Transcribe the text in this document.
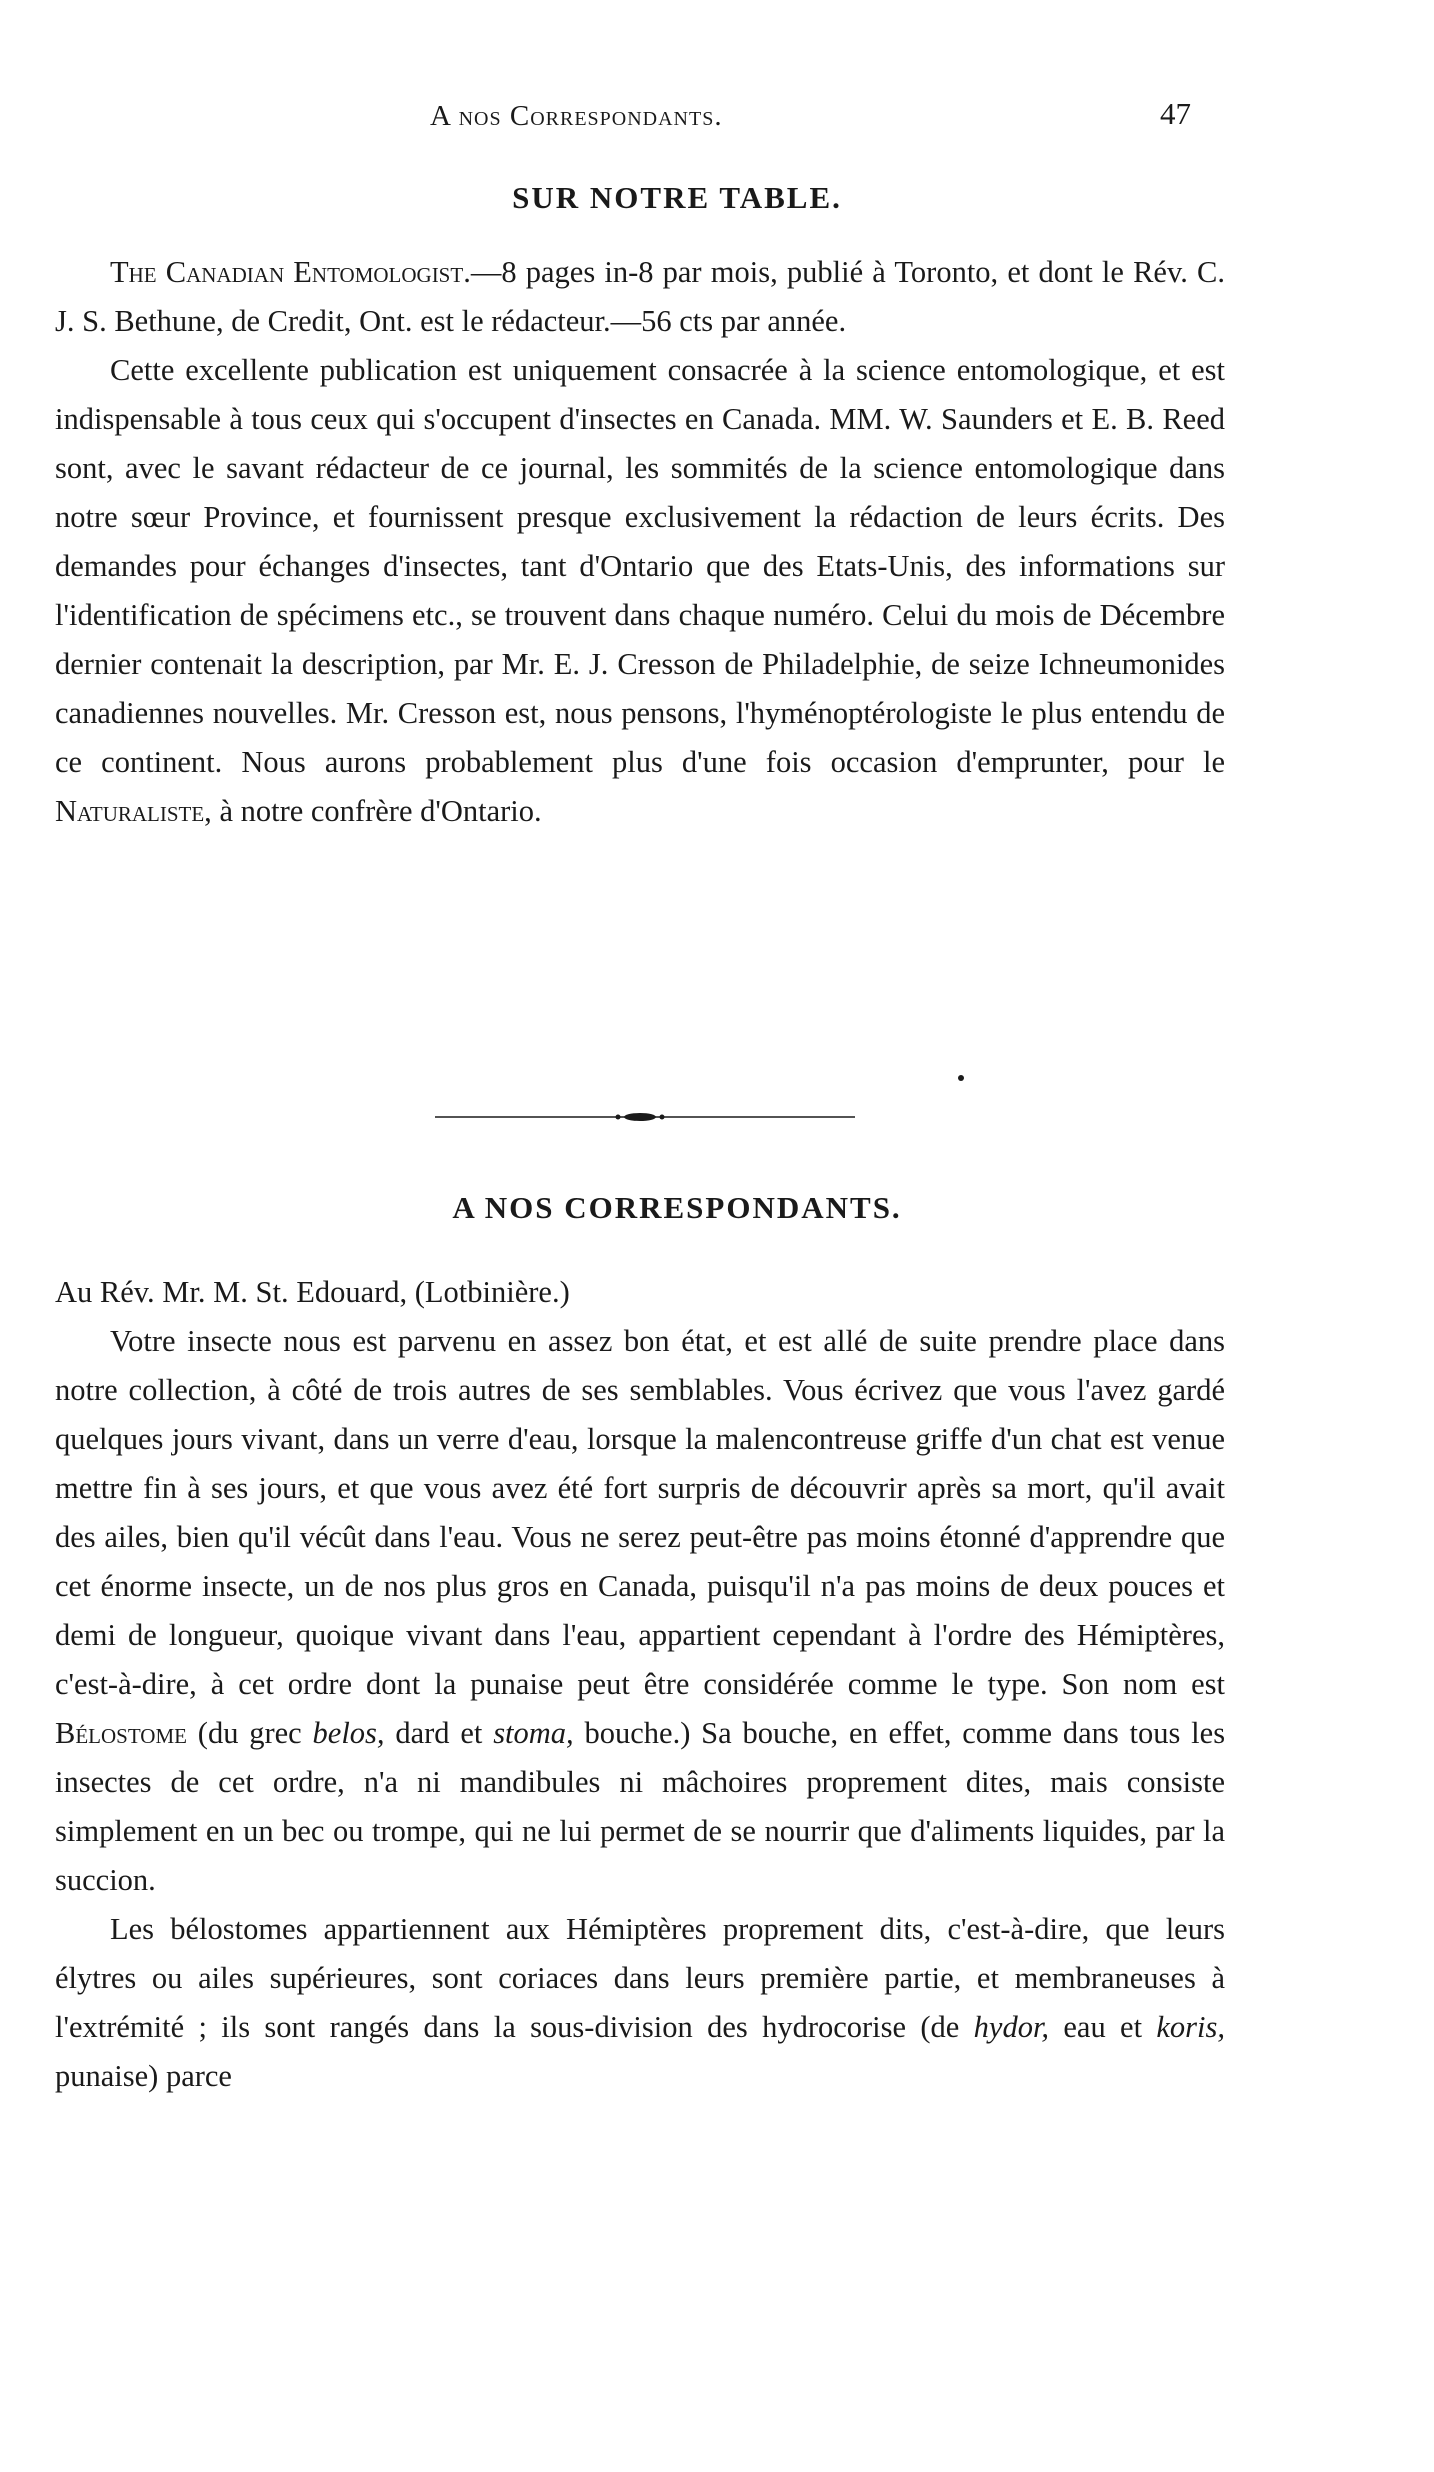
A nos Correspondants.	47
SUR NOTRE TABLE.

The Canadian Entomologist.—8 pages in-8 par mois, publié à Toronto, et dont le Rév. C. J. S. Bethune, de Credit, Ont. est le rédacteur.—56 cts par année.

Cette excellente publication est uniquement consacrée à la science entomologique, et est indispensable à tous ceux qui s'occupent d'insectes en Canada. MM. W. Saunders et E. B. Reed sont, avec le savant rédacteur de ce journal, les sommités de la science entomologique dans notre sœur Province, et fournissent presque exclusivement la rédaction de leurs écrits. Des demandes pour échanges d'insectes, tant d'Ontario que des Etats-Unis, des informations sur l'identification de spécimens etc., se trouvent dans chaque numéro. Celui du mois de Décembre dernier contenait la description, par Mr. E. J. Cresson de Philadelphie, de seize Ichneumonides canadiennes nouvelles. Mr. Cresson est, nous pensons, l'hyménoptérologiste le plus entendu de ce continent. Nous aurons probablement plus d'une fois occasion d'emprunter, pour le Naturaliste, à notre confrère d'Ontario.

A NOS CORRESPONDANTS.

Au Rév. Mr. M. St. Edouard, (Lotbinière.)

Votre insecte nous est parvenu en assez bon état, et est allé de suite prendre place dans notre collection, à côté de trois autres de ses semblables. Vous écrivez que vous l'avez gardé quelques jours vivant, dans un verre d'eau, lorsque la malencontreuse griffe d'un chat est venue mettre fin à ses jours, et que vous avez été fort surpris de découvrir après sa mort, qu'il avait des ailes, bien qu'il vécût dans l'eau. Vous ne serez peut-être pas moins étonné d'apprendre que cet énorme insecte, un de nos plus gros en Canada, puisqu'il n'a pas moins de deux pouces et demi de longueur, quoique vivant dans l'eau, appartient cependant à l'ordre des Hémiptères, c'est-à-dire, à cet ordre dont la punaise peut être considérée comme le type. Son nom est Bélostome (du grec belos, dard et stoma, bouche.) Sa bouche, en effet, comme dans tous les insectes de cet ordre, n'a ni mandibules ni mâchoires proprement dites, mais consiste simplement en un bec ou trompe, qui ne lui permet de se nourrir que d'aliments liquides, par la succion.

Les bélostomes appartiennent aux Hémiptères proprement dits, c'est-à-dire, que leurs élytres ou ailes supérieures, sont coriaces dans leurs première partie, et membraneuses à l'extrémité ; ils sont rangés dans la sous-division des hydrocorise (de hydor, eau et koris, punaise) parce
